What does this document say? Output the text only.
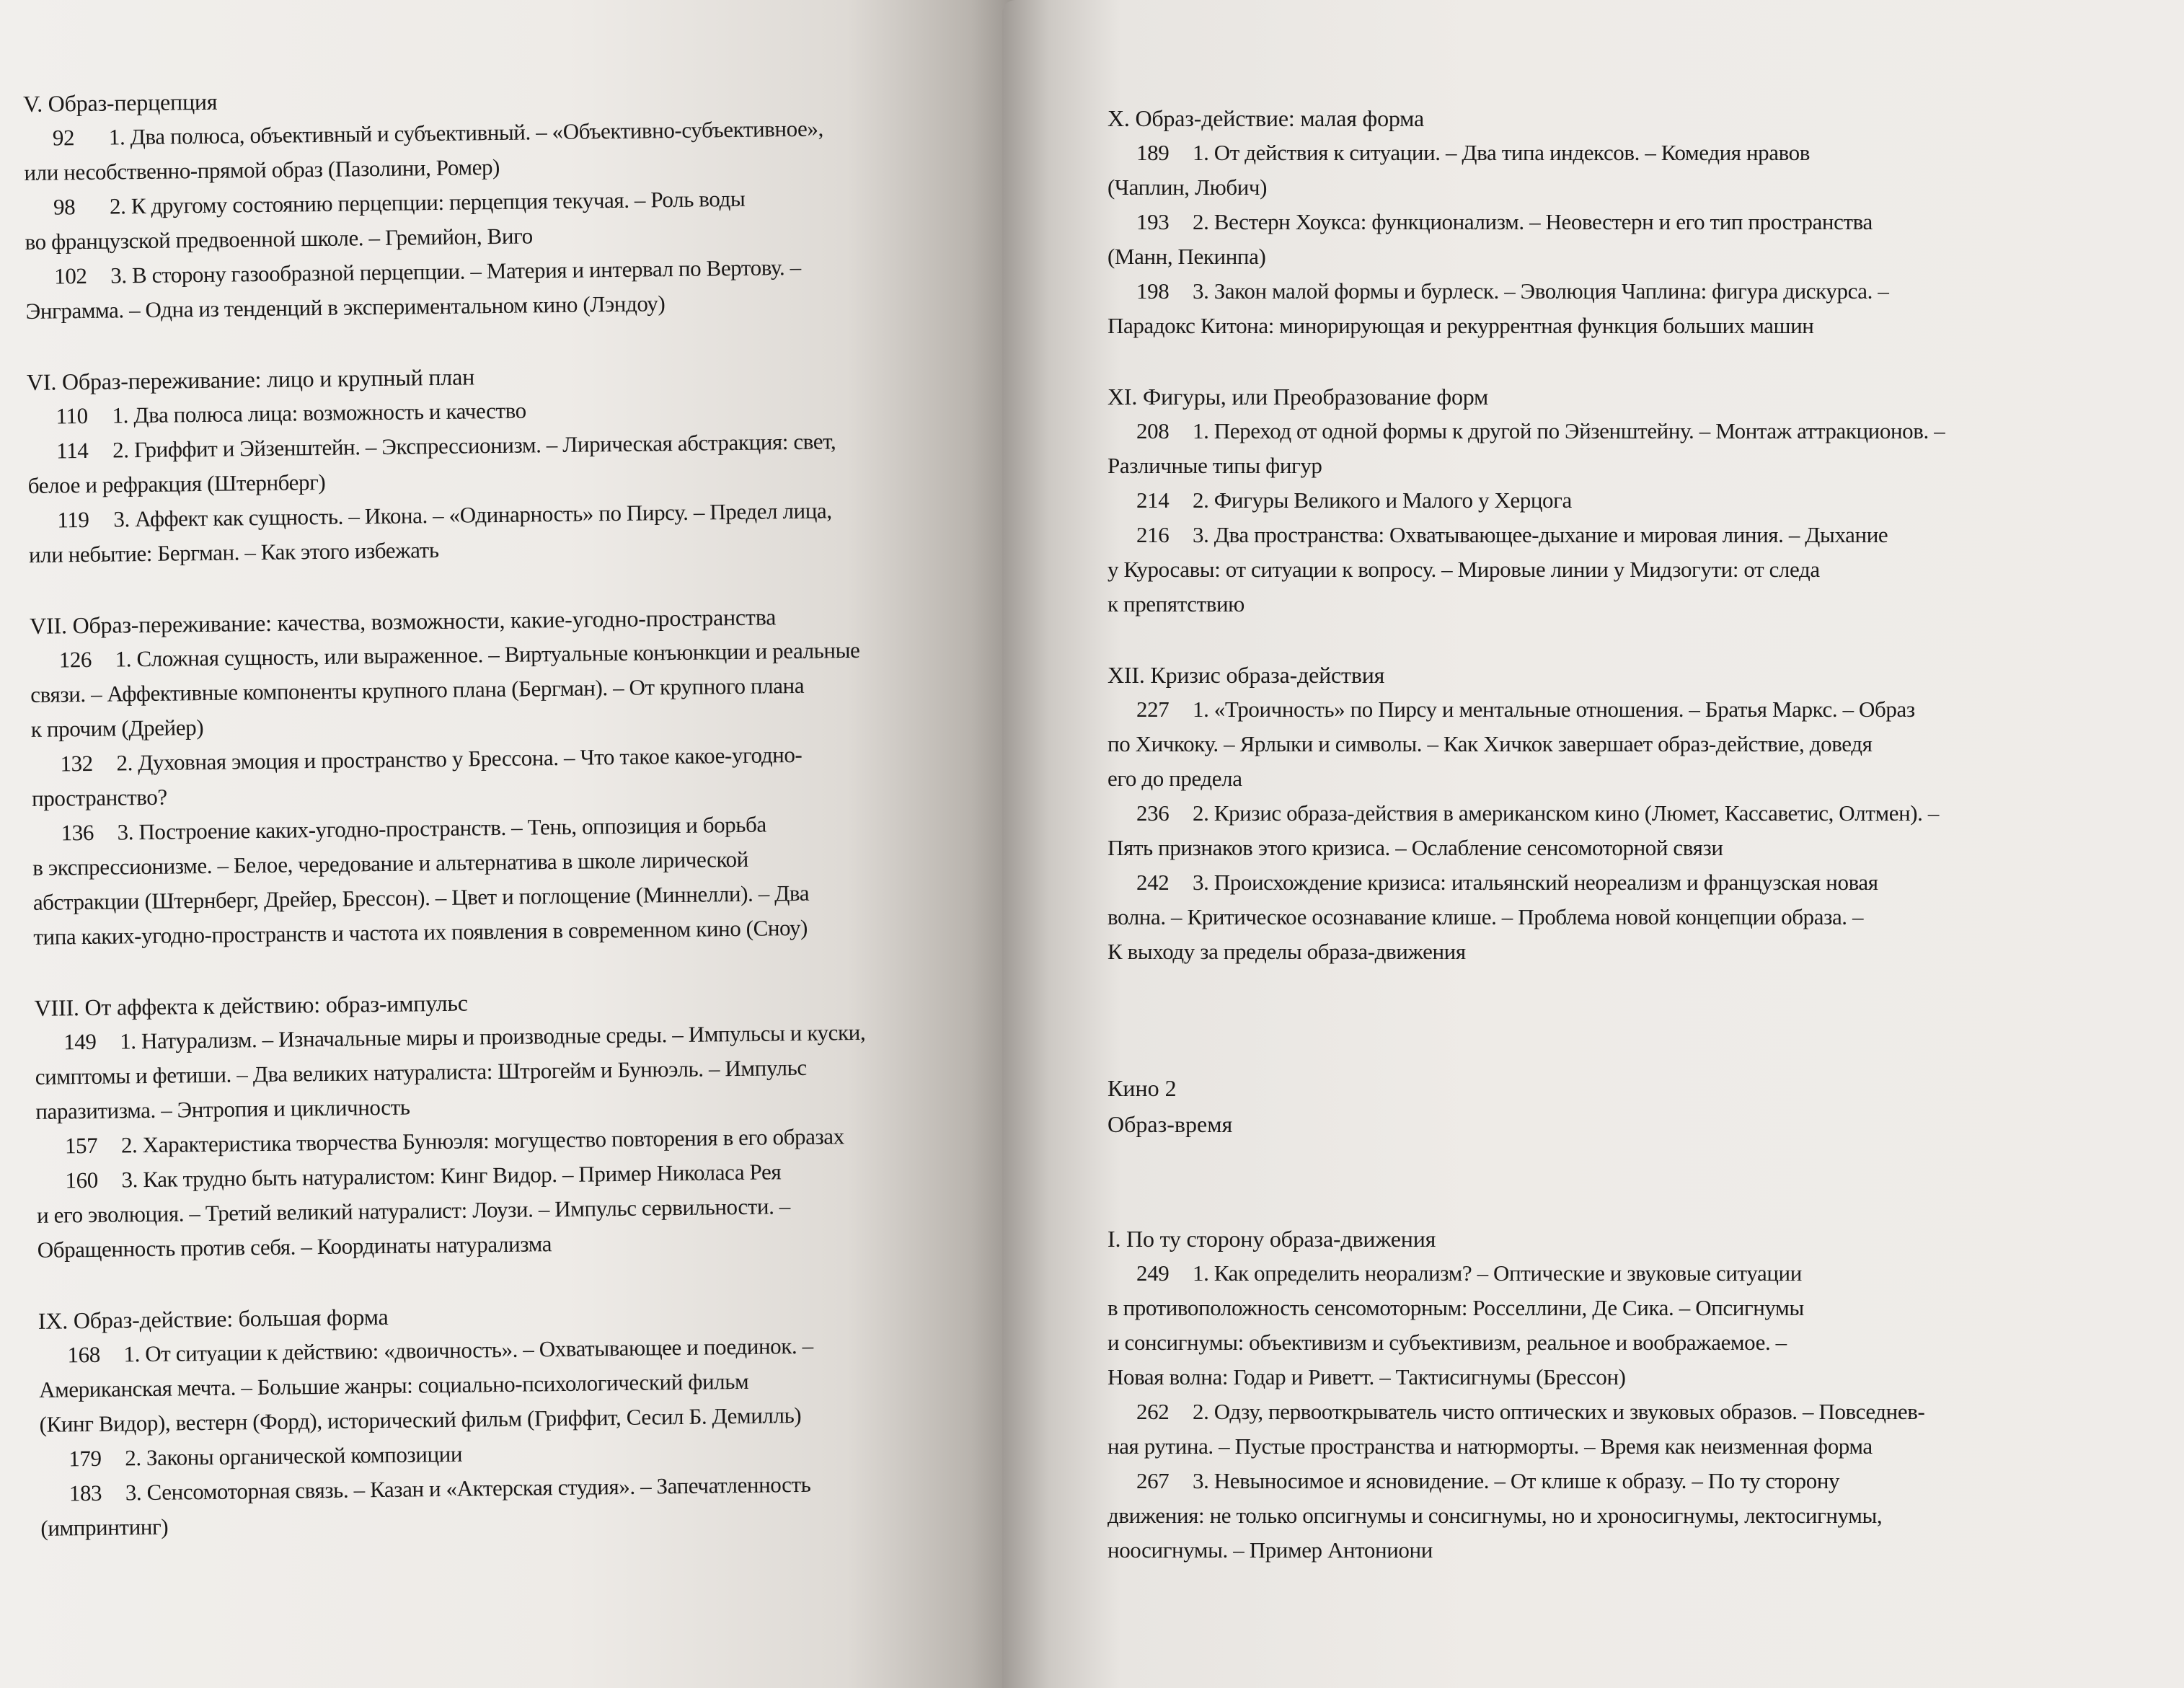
V. Образ-перцепция
92 1. Два полюса, объективный и субъективный. – «Объективно-субъективное»,
или несобственно-прямой образ (Пазолини, Ромер)
98 2. К другому состоянию перцепции: перцепция текучая. – Роль воды
во французской предвоенной школе. – Гремийон, Виго
102 3. В сторону газообразной перцепции. – Материя и интервал по Вертову. –
Энграмма. – Одна из тенденций в экспериментальном кино (Лэндоу)
VI. Образ-переживание: лицо и крупный план
110 1. Два полюса лица: возможность и качество
114 2. Гриффит и Эйзенштейн. – Экспрессионизм. – Лирическая абстракция: свет,
белое и рефракция (Штернберг)
119 3. Аффект как сущность. – Икона. – «Одинарность» по Пирсу. – Предел лица,
или небытие: Бергман. – Как этого избежать
VII. Образ-переживание: качества, возможности, какие-угодно-пространства
126 1. Сложная сущность, или выраженное. – Виртуальные конъюнкции и реальные
связи. – Аффективные компоненты крупного плана (Бергман). – От крупного плана
к прочим (Дрейер)
132 2. Духовная эмоция и пространство у Брессона. – Что такое какое-угодно-
пространство?
136 3. Построение каких-угодно-пространств. – Тень, оппозиция и борьба
в экспрессионизме. – Белое, чередование и альтернатива в школе лирической
абстракции (Штернберг, Дрейер, Брессон). – Цвет и поглощение (Миннелли). – Два
типа каких-угодно-пространств и частота их появления в современном кино (Сноу)
VIII. От аффекта к действию: образ-импульс
149 1. Натурализм. – Изначальные миры и производные среды. – Импульсы и куски,
симптомы и фетиши. – Два великих натуралиста: Штрогейм и Бунюэль. – Импульс
паразитизма. – Энтропия и цикличность
157 2. Характеристика творчества Бунюэля: могущество повторения в его образах
160 3. Как трудно быть натуралистом: Кинг Видор. – Пример Николаса Рея
и его эволюция. – Третий великий натуралист: Лоузи. – Импульс сервильности. –
Обращенность против себя. – Координаты натурализма
IX. Образ-действие: большая форма
168 1. От ситуации к действию: «двоичность». – Охватывающее и поединок. –
Американская мечта. – Большие жанры: социально-психологический фильм
(Кинг Видор), вестерн (Форд), исторический фильм (Гриффит, Сесил Б. Демилль)
179 2. Законы органической композиции
183 3. Сенсомоторная связь. – Казан и «Актерская студия». – Запечатленность
(импринтинг)
X. Образ-действие: малая форма
189 1. От действия к ситуации. – Два типа индексов. – Комедия нравов
(Чаплин, Любич)
193 2. Вестерн Хоукса: функционализм. – Неовестерн и его тип пространства
(Манн, Пекинпа)
198 3. Закон малой формы и бурлеск. – Эволюция Чаплина: фигура дискурса. –
Парадокс Китона: минорирующая и рекуррентная функция больших машин
XI. Фигуры, или Преобразование форм
208 1. Переход от одной формы к другой по Эйзенштейну. – Монтаж аттракционов. –
Различные типы фигур
214 2. Фигуры Великого и Малого у Херцога
216 3. Два пространства: Охватывающее-дыхание и мировая линия. – Дыхание
у Куросавы: от ситуации к вопросу. – Мировые линии у Мидзогути: от следа
к препятствию
XII. Кризис образа-действия
227 1. «Троичность» по Пирсу и ментальные отношения. – Братья Маркс. – Образ
по Хичкоку. – Ярлыки и символы. – Как Хичкок завершает образ-действие, доведя
его до предела
236 2. Кризис образа-действия в американском кино (Люмет, Кассаветис, Олтмен). –
Пять признаков этого кризиса. – Ослабление сенсомоторной связи
242 3. Происхождение кризиса: итальянский неореализм и французская новая
волна. – Критическое осознавание клише. – Проблема новой концепции образа. –
К выходу за пределы образа-движения
Кино 2
Образ-время
I. По ту сторону образа-движения
249 1. Как определить неорализм? – Оптические и звуковые ситуации
в противоположность сенсомоторным: Росселлини, Де Сика. – Опсигнумы
и сонсигнумы: объективизм и субъективизм, реальное и воображаемое. –
Новая волна: Годар и Риветт. – Тактисигнумы (Брессон)
262 2. Одзу, первооткрыватель чисто оптических и звуковых образов. – Повседнев-
ная рутина. – Пустые пространства и натюрморты. – Время как неизменная форма
267 3. Невыносимое и ясновидение. – От клише к образу. – По ту сторону
движения: не только опсигнумы и сонсигнумы, но и хроносигнумы, лектосигнумы,
ноосигнумы. – Пример Антониони
